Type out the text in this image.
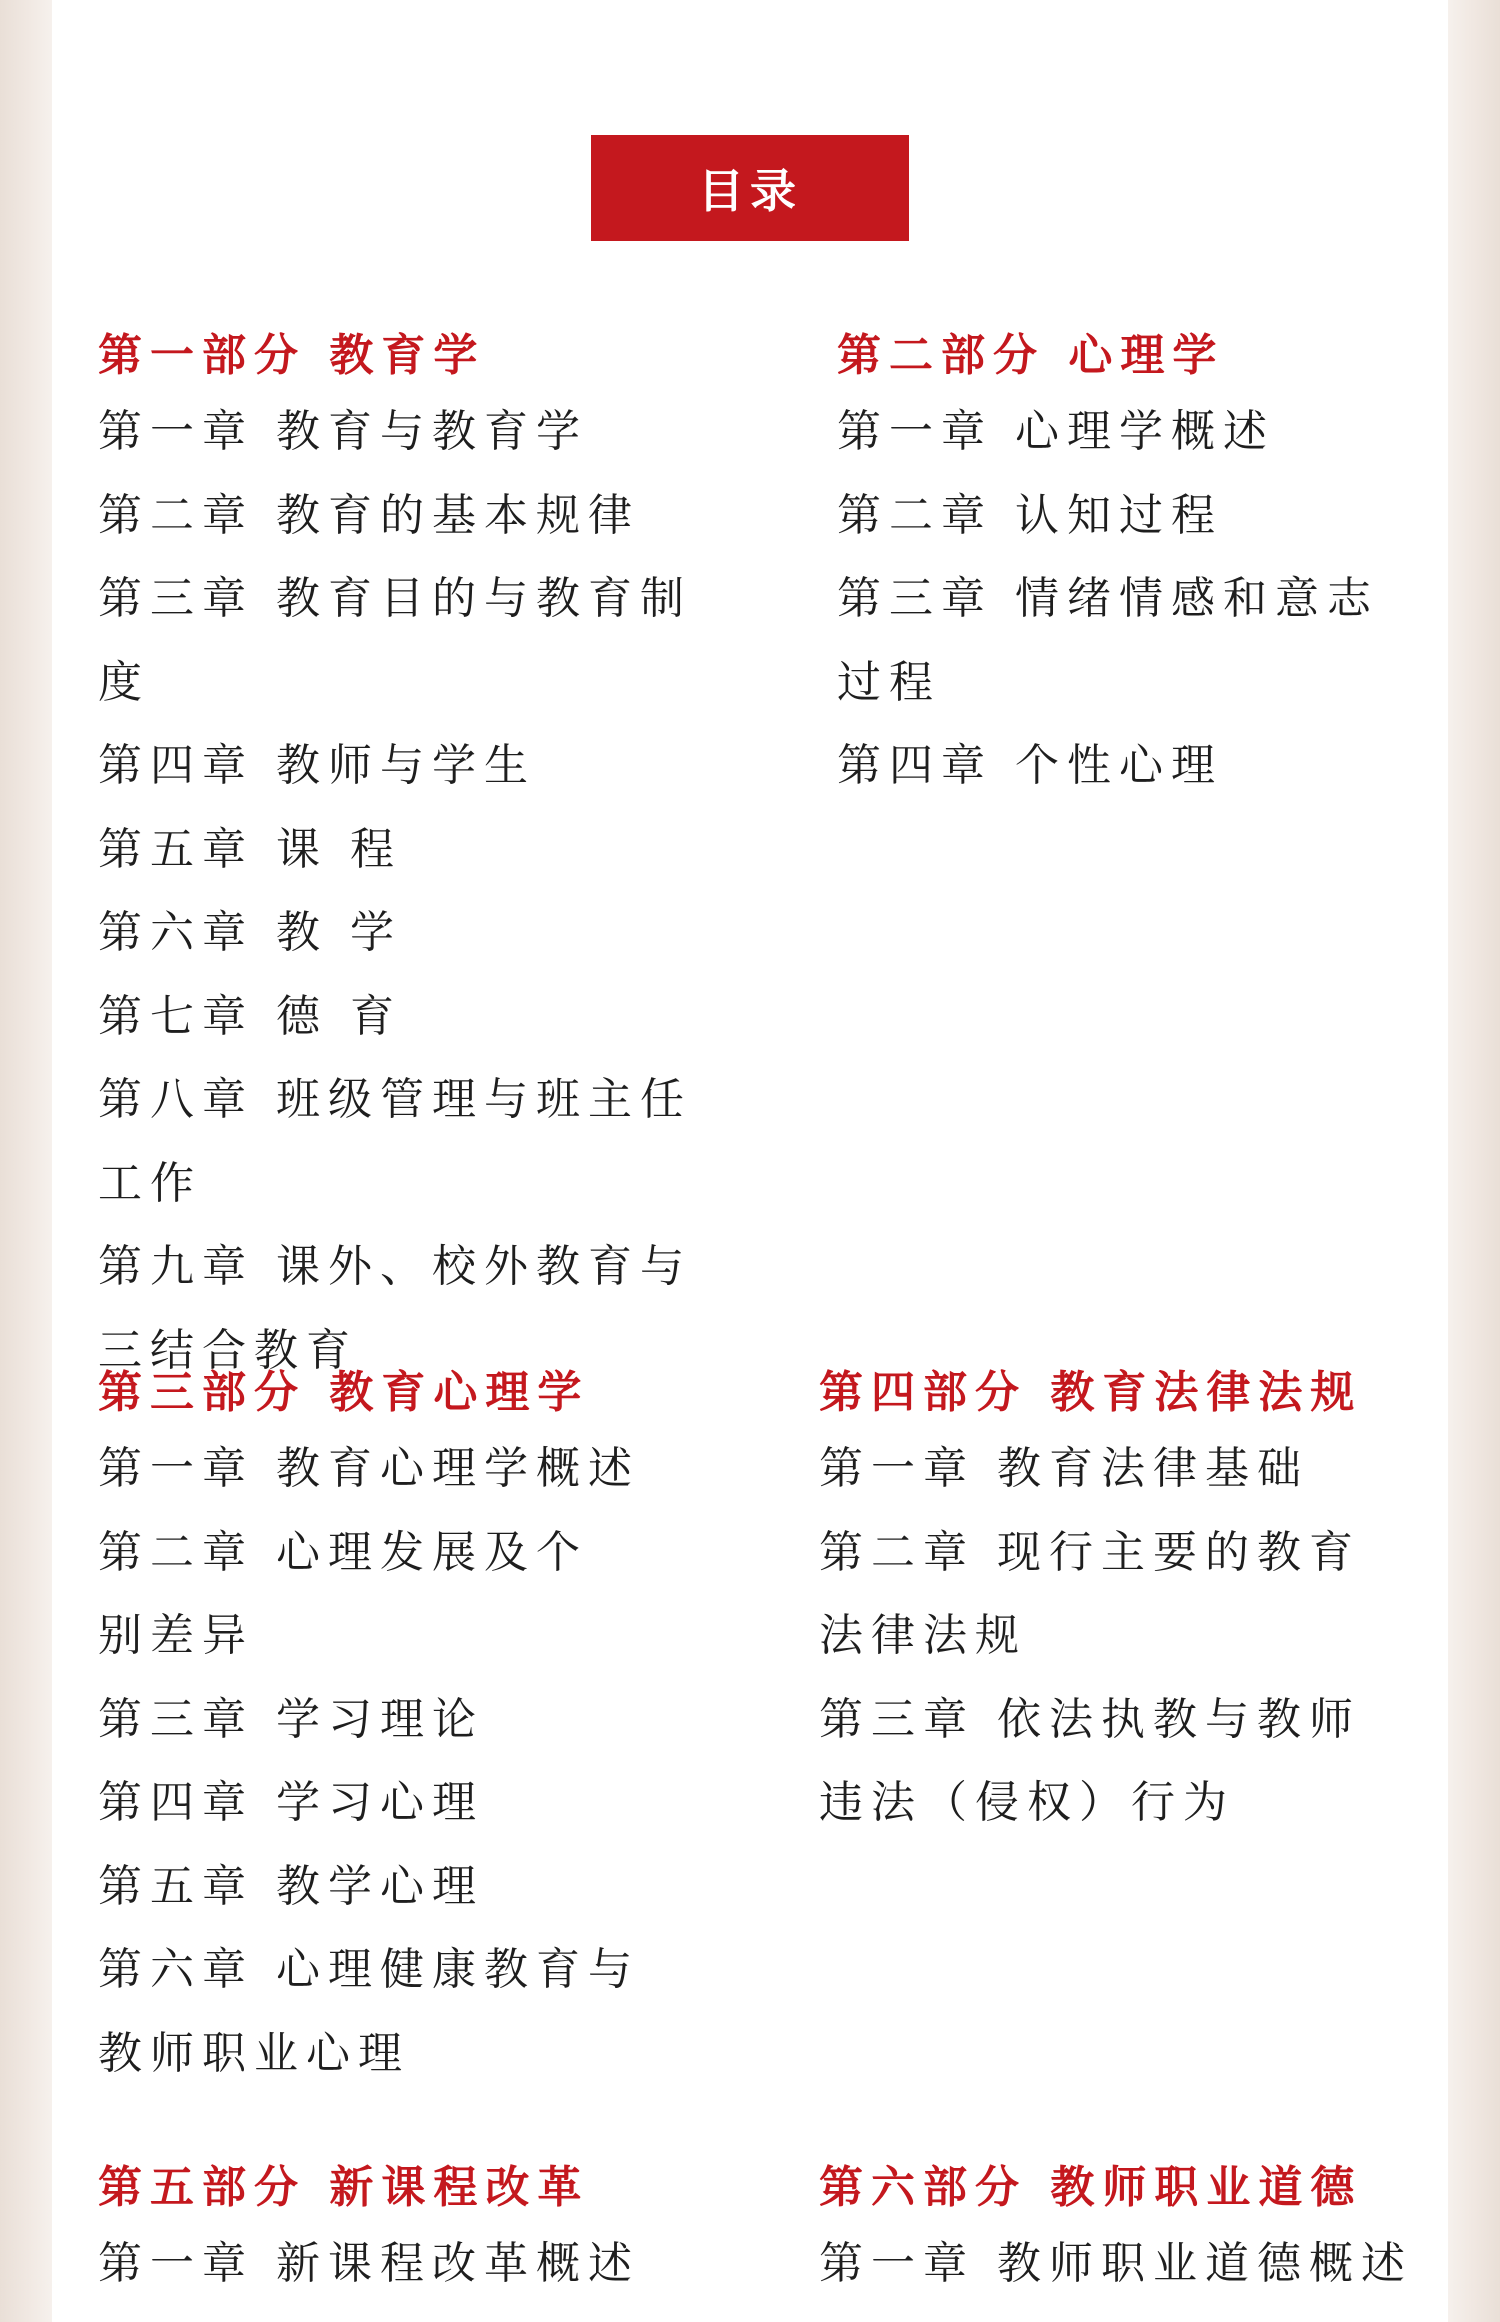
目录
第一部分 教育学
第一章 教育与教育学
第二章 教育的基本规律
第三章 教育目的与教育制度
第四章 教师与学生
第五章 课 程
第六章 教 学
第七章 德 育
第八章 班级管理与班主任
工作
第九章 课外、校外教育与
三结合教育
第二部分 心理学
第一章 心理学概述
第二章 认知过程
第三章 情绪情感和意志
过程
第四章 个性心理
第三部分 教育心理学
第一章 教育心理学概述
第二章 心理发展及个
别差异
第三章 学习理论
第四章 学习心理
第五章 教学心理
第六章 心理健康教育与
教师职业心理
第四部分 教育法律法规
第一章 教育法律基础
第二章 现行主要的教育
法律法规
第三章 依法执教与教师
违法（侵权）行为
第五部分 新课程改革
第一章 新课程改革概述
第六部分 教师职业道德
第一章 教师职业道德概述
